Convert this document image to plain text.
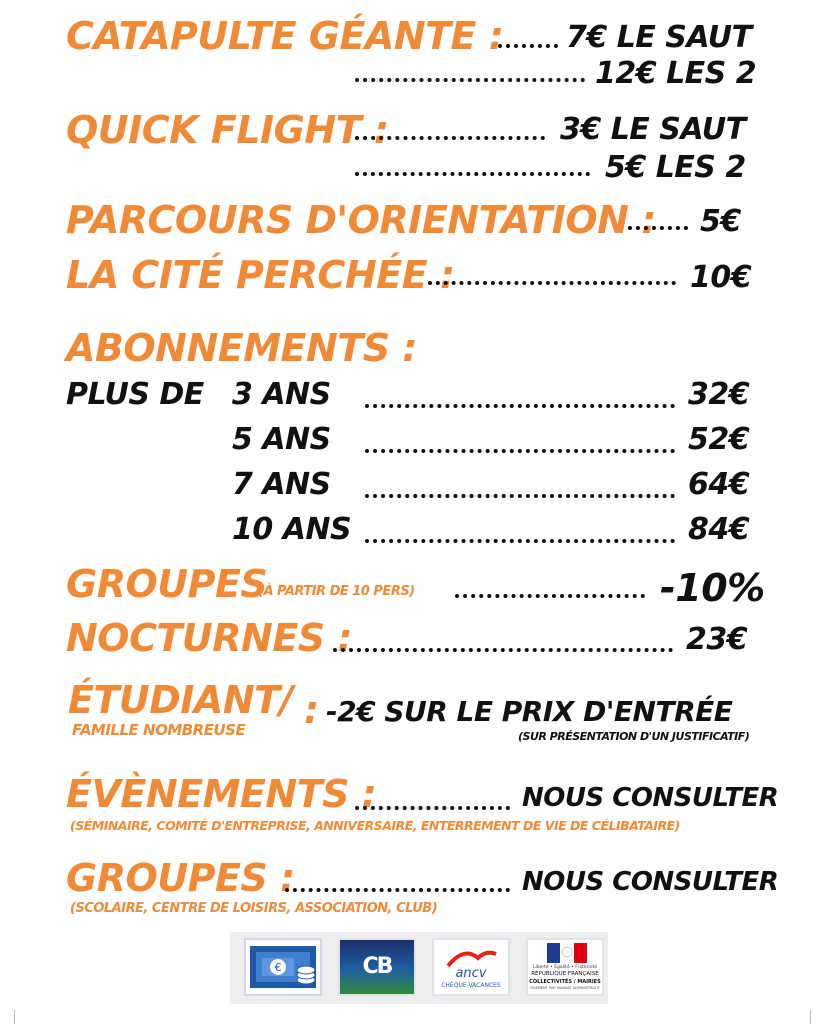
CATAPULTE GÉANTE : 7€ LE SAUT
12€ LES 2
QUICK FLIGHT :	3€ LE SAUT
5€ LES 2
PARCOURS D'ORIENTATION : 5€
LA CITÉ PERCHÉE :	10€
ABONNEMENTS :
PLUS DE 3 ANS	32€
5 ANS	52€
7 ANS	64€
10 ANS	84€
GROUPES
(À PARTIR DE 10 PERS)	-10%
NOCTURNES :	23€
ÉTUDIANT/
FAMILLE NOMBREUSE : -2€ SUR LE PRIX D'ENTRÉE
(SUR PRÉSENTATION D'UN JUSTIFICATIF)
ÉVÈNEMENTS :	NOUS CONSULTER
(SÉMINAIRE, COMITÉ D'ENTREPRISE, ANNIVERSAIRE, ENTERREMENT DE VIE DE CÉLIBATAIRE)
GROUPES :	NOUS CONSULTER
(SCOLAIRE, CENTRE DE LOISIRS, ASSOCIATION, CLUB)
€	CB	ancv
CHÈQUE-VACANCES
Liberté • Égalité • Fraternité
RÉPUBLIQUE FRANÇAISE
COLLECTIVITÉS / MAIRIES
PAIEMENT PAR MANDAT ADMINISTRATIF
